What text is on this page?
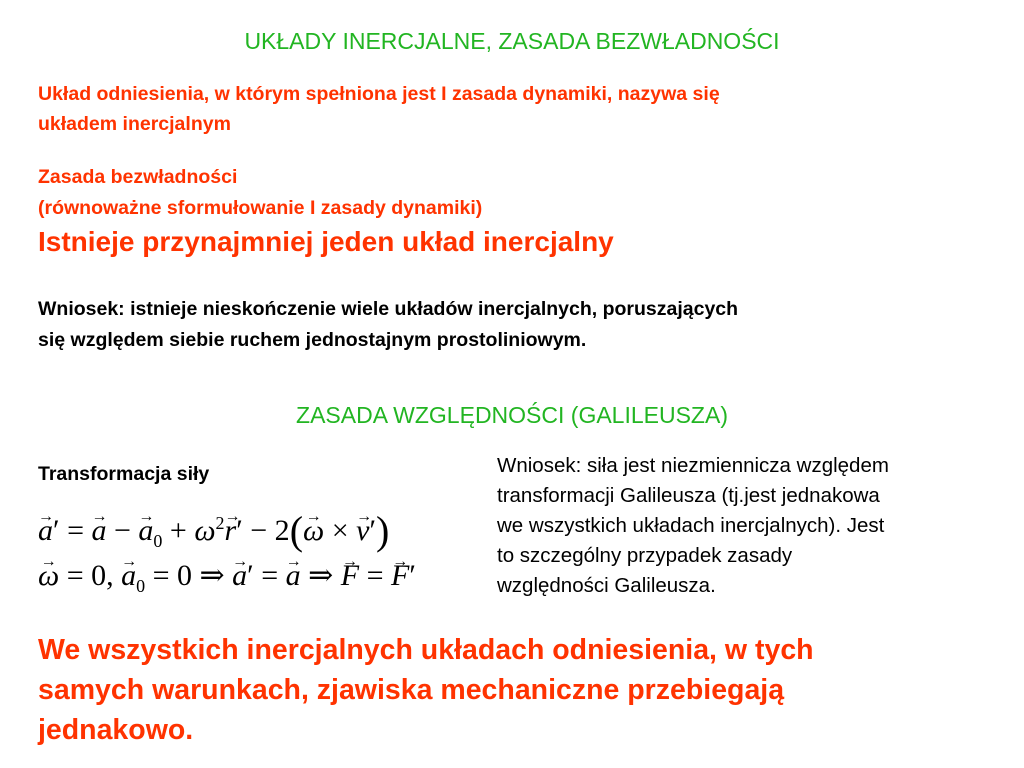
UKŁADY INERCJALNE, ZASADA BEZWŁADNOŚCI
Układ odniesienia, w którym spełniona jest I zasada dynamiki, nazywa się
układem inercjalnym
Zasada bezwładności
(równoważne sformułowanie I zasady dynamiki)
Istnieje przynajmniej jeden układ inercjalny
Wniosek: istnieje nieskończenie wiele układów inercjalnych, poruszających
się względem siebie ruchem jednostajnym prostoliniowym.
ZASADA WZGLĘDNOŚCI (GALILEUSZA)
Transformacja siły
→ a′ = → a − → $a_0 + \omega^2\to r' - 2(\to \omega$ × → v′)
→ ω = 0, → $a_0 = 0$ ⇒ → a′ = → a ⇒ → F = → F′
Wniosek: siła jest niezmiennicza względem
transformacji Galileusza (tj.jest jednakowa
we wszystkich układach inercjalnych). Jest
to szczególny przypadek zasady
względności Galileusza.
We wszystkich inercjalnych układach odniesienia, w tych
samych warunkach, zjawiska mechaniczne przebiegają
jednakowo.
